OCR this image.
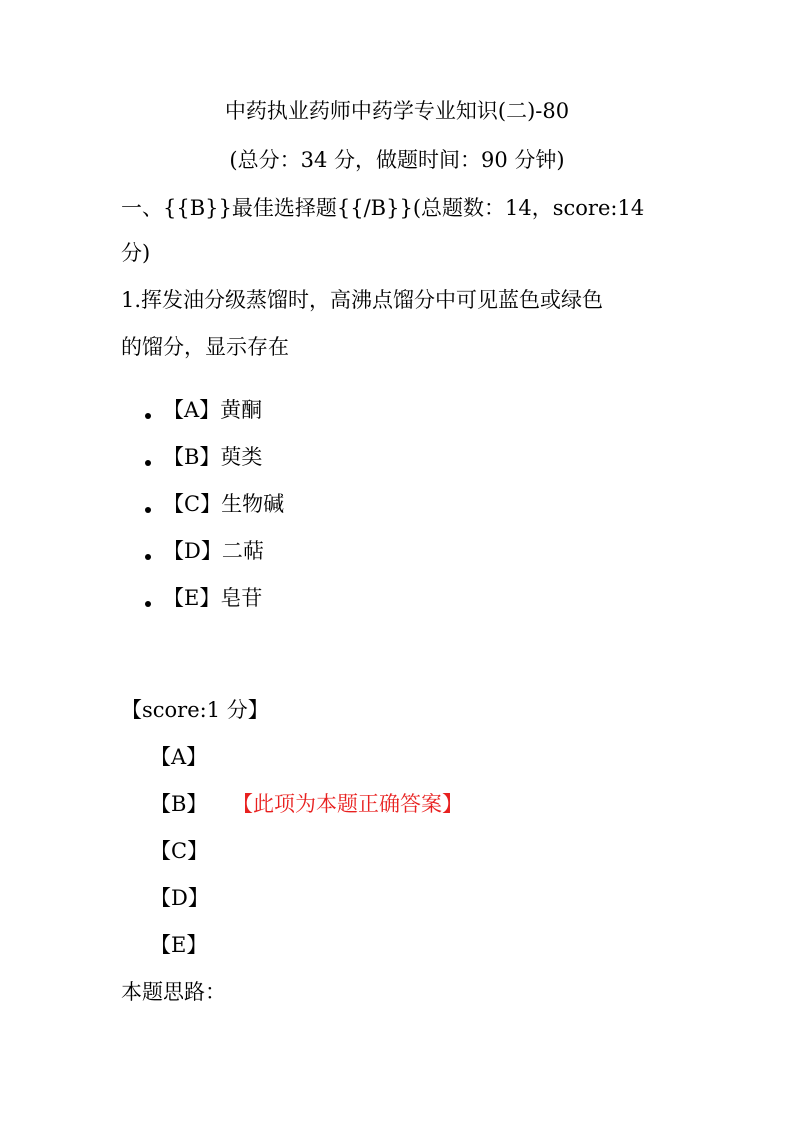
中药执业药师中药学专业知识(二)-80
(总分：34 分，做题时间：90 分钟)
一、{{B}}最佳选择题{{/B}}(总题数：14，score:14
分)
1.挥发油分级蒸馏时，高沸点馏分中可见蓝色或绿色
的馏分，显示存在
【A】黄酮
【B】萸类
【C】生物碱
【D】二萜
【E】皂苷
【score:1 分】
【A】
【B】 【此项为本题正确答案】
【C】
【D】
【E】
本题思路：
